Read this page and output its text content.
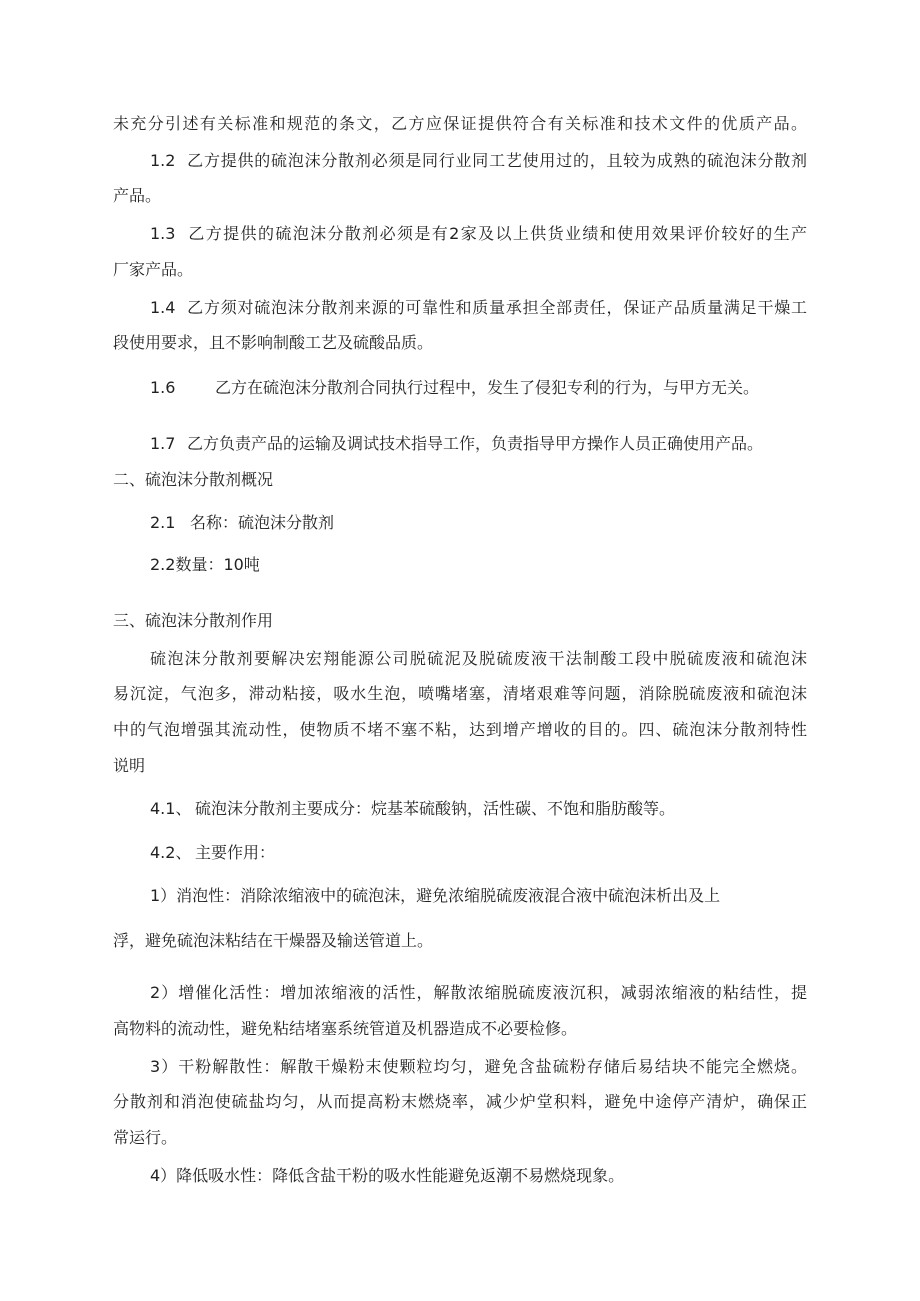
未充分引述有关标准和规范的条文，乙方应保证提供符合有关标准和技术文件的优质产品。
1.2 乙方提供的硫泡沫分散剂必须是同行业同工艺使用过的，且较为成熟的硫泡沫分散剂
产品。
1.3 乙方提供的硫泡沫分散剂必须是有2家及以上供货业绩和使用效果评价较好的生产
厂家产品。
1.4 乙方须对硫泡沫分散剂来源的可靠性和质量承担全部责任，保证产品质量满足干燥工
段使用要求，且不影响制酸工艺及硫酸品质。
1.6 乙方在硫泡沫分散剂合同执行过程中，发生了侵犯专利的行为，与甲方无关。
1.7 乙方负责产品的运输及调试技术指导工作，负责指导甲方操作人员正确使用产品。
二、硫泡沫分散剂概况
2.1 名称：硫泡沫分散剂
2.2数量：10吨
三、硫泡沫分散剂作用
硫泡沫分散剂要解决宏翔能源公司脱硫泥及脱硫废液干法制酸工段中脱硫废液和硫泡沫
易沉淀，气泡多，滞动粘接，吸水生泡，喷嘴堵塞，清堵艰难等问题，消除脱硫废液和硫泡沫
中的气泡增强其流动性，使物质不堵不塞不粘，达到增产增收的目的。四、硫泡沫分散剂特性
说明
4.1、 硫泡沫分散剂主要成分：烷基苯硫酸钠，活性碳、不饱和脂肪酸等。
4.2、 主要作用：
1）消泡性：消除浓缩液中的硫泡沫，避免浓缩脱硫废液混合液中硫泡沫析出及上
浮，避免硫泡沫粘结在干燥器及输送管道上。
2）增催化活性：增加浓缩液的活性，解散浓缩脱硫废液沉积，减弱浓缩液的粘结性，提
高物料的流动性，避免粘结堵塞系统管道及机器造成不必要检修。
3）干粉解散性：解散干燥粉末使颗粒均匀，避免含盐硫粉存储后易结块不能完全燃烧。
分散剂和消泡使硫盐均匀，从而提高粉末燃烧率，减少炉堂积料，避免中途停产清炉，确保正
常运行。
4）降低吸水性：降低含盐干粉的吸水性能避免返潮不易燃烧现象。
